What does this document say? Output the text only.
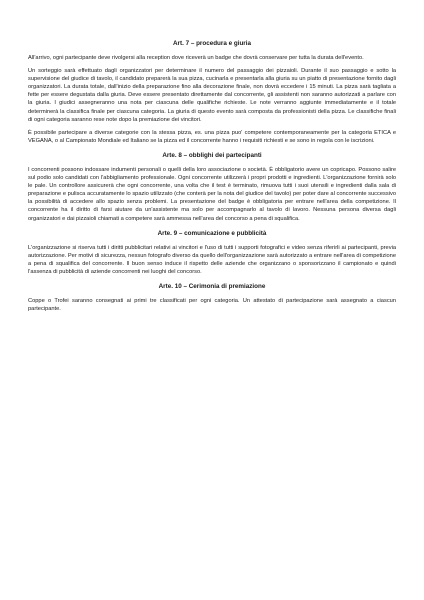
Art. 7 – procedura e giuria

All'arrivo, ogni partecipante deve rivolgersi alla reception dove riceverà un badge che dovrà conservare per tutta la durata dell'evento.

Un sorteggio sarà effettuato dagli organizzatori per determinare il numero del passaggio dei pizzaioli. Durante il suo passaggio e sotto la supervisione del giudice di tavolo, il candidato preparerà la sua pizza, cucinarla e presentarla alla giuria su un piatto di presentazione fornito dagli organizzatori. La durata totale, dall'inizio della preparazione fino alla decorazione finale, non dovrà eccedere i 15 minuti. La pizza sarà tagliata a fette per essere degustata dalla giuria. Deve essere presentato direttamente dal concorrente, gli assistenti non saranno autorizzati a parlare con la giuria. I giudici assegneranno una nota per ciascuna delle qualifiche richieste. Le note verranno aggiunte immediatamente e il totale determinerà la classifica finale per ciascuna categoria. La giuria di questo evento sarà composta da professionisti della pizza. Le classifiche finali di ogni categoria saranno rese note dopo la premiazione dei vincitori.

È possibile partecipare a diverse categorie con la stessa pizza, es. una pizza puo' competere contemporaneamente per la categoria ETICA e VEGANA, o al Campionato Mondiale ed Italiano se la pizza ed il concorrente hanno i requisiti richiesti e se sono in regola con le iscrizioni.

Arte. 8 – obblighi dei partecipanti

I concorrenti possono indossare indumenti personali o quelli della loro associazione o società. È obbligatorio avere un copricapo. Possono salire sul podio solo candidati con l'abbigliamento professionale. Ogni concorrente utilizzerà i propri prodotti e ingredienti. L'organizzazione fornirà solo le pale. Un controllore assicurerà che ogni concorrente, una volta che il test è terminato, rimuova tutti i suoi utensili e ingredienti dalla sala di preparazione e pulisca accuratamente lo spazio utilizzato (che conterà per la nota del giudice del tavolo) per poter dare al concorrente successivo la possibilità di accedere allo spazio senza problemi. La presentazione del badge è obbligatoria per entrare nell'area della competizione. Il concorrente ha il diritto di farsi aiutare da un'assistente ma solo per accompagnarlo al tavolo di lavoro. Nessuna persona diversa dagli organizzatori e dai pizzaioli chiamati a competere sarà ammessa nell'area del concorso a pena di squalifica.

Arte. 9 – comunicazione e pubblicità

L'organizzazione si riserva tutti i diritti pubblicitari relativi ai vincitori e l'uso di tutti i supporti fotografici e video senza riferirli ai partecipanti, previa autorizzazione. Per motivi di sicurezza, nessun fotografo diverso da quello dell'organizzazione sarà autorizzato a entrare nell'area di competizione a pena di squalifica del concorrente. Il buon senso induce il rispetto delle aziende che organizzano o sponsorizzano il campionato e quindi l'assenza di pubblicità di aziende concorrenti nei luoghi del concorso.

Arte. 10 – Cerimonia di premiazione

Coppe o Trofei saranno consegnati ai primi tre classificati per ogni categoria. Un attestato di partecipazione sarà assegnato a ciascun partecipante.
